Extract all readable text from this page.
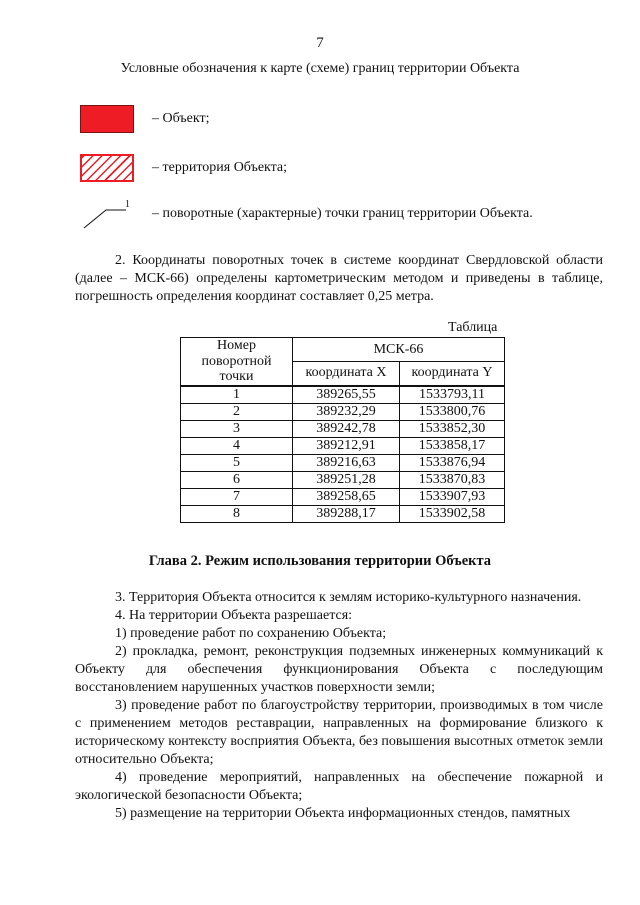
7
Условные обозначения к карте (схеме) границ территории Объекта
– Объект;
– территория Объекта;
1
– поворотные (характерные) точки границ территории Объекта.

2. Координаты поворотных точек в системе координат Свердловской области (далее – МСК-66) определены картометрическим методом и приведены в таблице, погрешность определения координат составляет 0,25 метра.

Таблица
Номер поворотной точки	МСК-66	
	координата X	координата Y
1	389265,55	1533793,11
2	389232,29	1533800,76
3	389242,78	1533852,30
4	389212,91	1533858,17
5	389216,63	1533876,94
6	389251,28	1533870,83
7	389258,65	1533907,93
8	389288,17	1533902,58
Глава 2. Режим использования территории Объекта

3. Территория Объекта относится к землям историко-культурного назначения.

4. На территории Объекта разрешается:

1) проведение работ по сохранению Объекта;

2) прокладка, ремонт, реконструкция подземных инженерных коммуникаций к Объекту для обеспечения функционирования Объекта с последующим восстановлением нарушенных участков поверхности земли;

3) проведение работ по благоустройству территории, производимых в том числе с применением методов реставрации, направленных на формирование близкого к историческому контексту восприятия Объекта, без повышения высотных отметок земли относительно Объекта;

4) проведение мероприятий, направленных на обеспечение пожарной и экологической безопасности Объекта;

5) размещение на территории Объекта информационных стендов, памятных
